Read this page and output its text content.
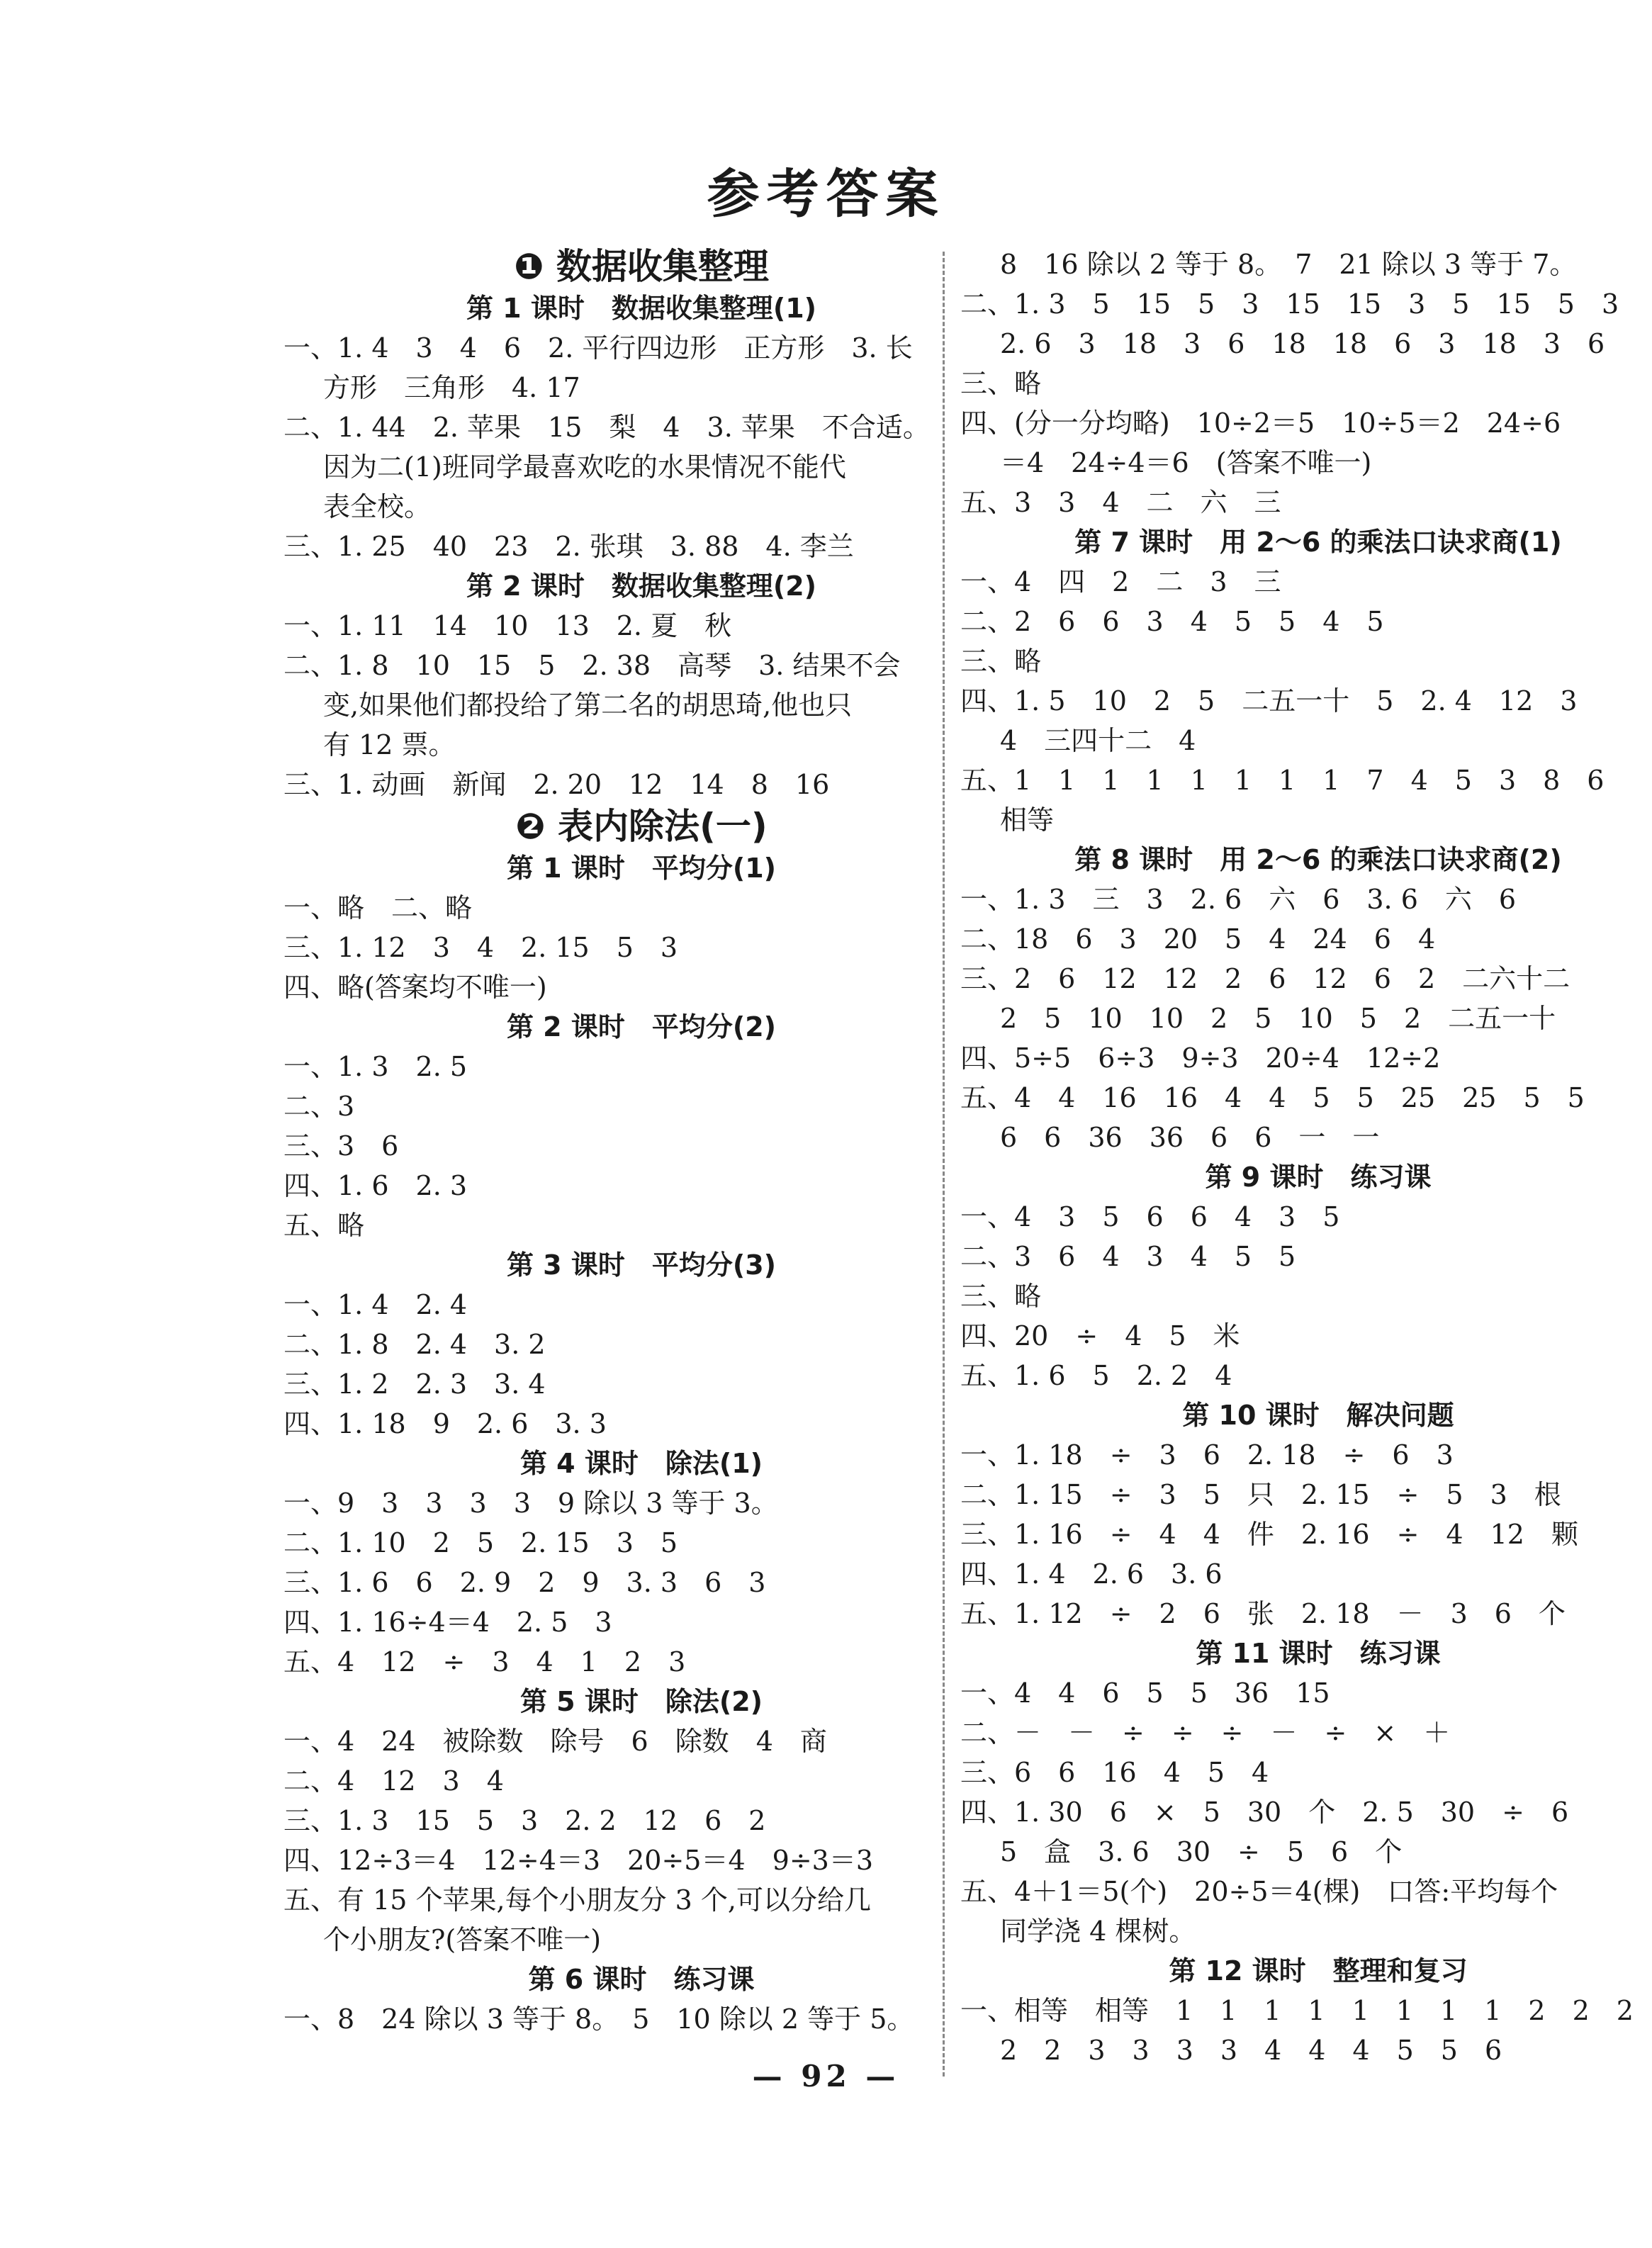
参考答案
❶ 数据收集整理
第 1 课时　数据收集整理(1)
一、1. 4　3　4　6　2. 平行四边形　正方形　3. 长
方形　三角形　4. 17
二、1. 44　2. 苹果　15　梨　4　3. 苹果　不合适。
因为二(1)班同学最喜欢吃的水果情况不能代
表全校。
三、1. 25　40　23　2. 张琪　3. 88　4. 李兰
第 2 课时　数据收集整理(2)
一、1. 11　14　10　13　2. 夏　秋
二、1. 8　10　15　5　2. 38　高琴　3. 结果不会
变,如果他们都投给了第二名的胡思琦,他也只
有 12 票。
三、1. 动画　新闻　2. 20　12　14　8　16
❷ 表内除法(一)
第 1 课时　平均分(1)
一、略　二、略
三、1. 12　3　4　2. 15　5　3
四、略(答案均不唯一)
第 2 课时　平均分(2)
一、1. 3　2. 5
二、3
三、3　6
四、1. 6　2. 3
五、略
第 3 课时　平均分(3)
一、1. 4　2. 4
二、1. 8　2. 4　3. 2
三、1. 2　2. 3　3. 4
四、1. 18　9　2. 6　3. 3
第 4 课时　除法(1)
一、9　3　3　3　3　9 除以 3 等于 3。
二、1. 10　2　5　2. 15　3　5
三、1. 6　6　2. 9　2　9　3. 3　6　3
四、1. 16÷4＝4　2. 5　3
五、4　12　÷　3　4　1　2　3
第 5 课时　除法(2)
一、4　24　被除数　除号　6　除数　4　商
二、4　12　3　4
三、1. 3　15　5　3　2. 2　12　6　2
四、12÷3＝4　12÷4＝3　20÷5＝4　9÷3＝3
五、有 15 个苹果,每个小朋友分 3 个,可以分给几
个小朋友?(答案不唯一)
第 6 课时　练习课
一、8　24 除以 3 等于 8。　5　10 除以 2 等于 5。
8　16 除以 2 等于 8。　7　21 除以 3 等于 7。
二、1. 3　5　15　5　3　15　15　3　5　15　5　3
2. 6　3　18　3　6　18　18　6　3　18　3　6
三、略
四、(分一分均略)　10÷2＝5　10÷5＝2　24÷6
＝4　24÷4＝6　(答案不唯一)
五、3　3　4　二　六　三
第 7 课时　用 2～6 的乘法口诀求商(1)
一、4　四　2　二　3　三
二、2　6　6　3　4　5　5　4　5
三、略
四、1. 5　10　2　5　二五一十　5　2. 4　12　3
4　三四十二　4
五、1　1　1　1　1　1　1　1　7　4　5　3　8　6
相等
第 8 课时　用 2～6 的乘法口诀求商(2)
一、1. 3　三　3　2. 6　六　6　3. 6　六　6
二、18　6　3　20　5　4　24　6　4
三、2　6　12　12　2　6　12　6　2　二六十二
2　5　10　10　2　5　10　5　2　二五一十
四、5÷5　6÷3　9÷3　20÷4　12÷2
五、4　4　16　16　4　4　5　5　25　25　5　5
6　6　36　36　6　6　一　一
第 9 课时　练习课
一、4　3　5　6　6　4　3　5
二、3　6　4　3　4　5　5
三、略
四、20　÷　4　5　米
五、1. 6　5　2. 2　4
第 10 课时　解决问题
一、1. 18　÷　3　6　2. 18　÷　6　3
二、1. 15　÷　3　5　只　2. 15　÷　5　3　根
三、1. 16　÷　4　4　件　2. 16　÷　4　12　颗
四、1. 4　2. 6　3. 6
五、1. 12　÷　2　6　张　2. 18　－　3　6　个
第 11 课时　练习课
一、4　4　6　5　5　36　15
二、－　－　÷　÷　÷　－　÷　×　＋
三、6　6　16　4　5　4
四、1. 30　6　×　5　30　个　2. 5　30　÷　6
5　盒　3. 6　30　÷　5　6　个
五、4＋1＝5(个)　20÷5＝4(棵)　口答:平均每个
同学浇 4 棵树。
第 12 课时　整理和复习
一、相等　相等　1　1　1　1　1　1　1　1　2　2　2
2　2　3　3　3　3　4　4　4　5　5　6
— 92 —
